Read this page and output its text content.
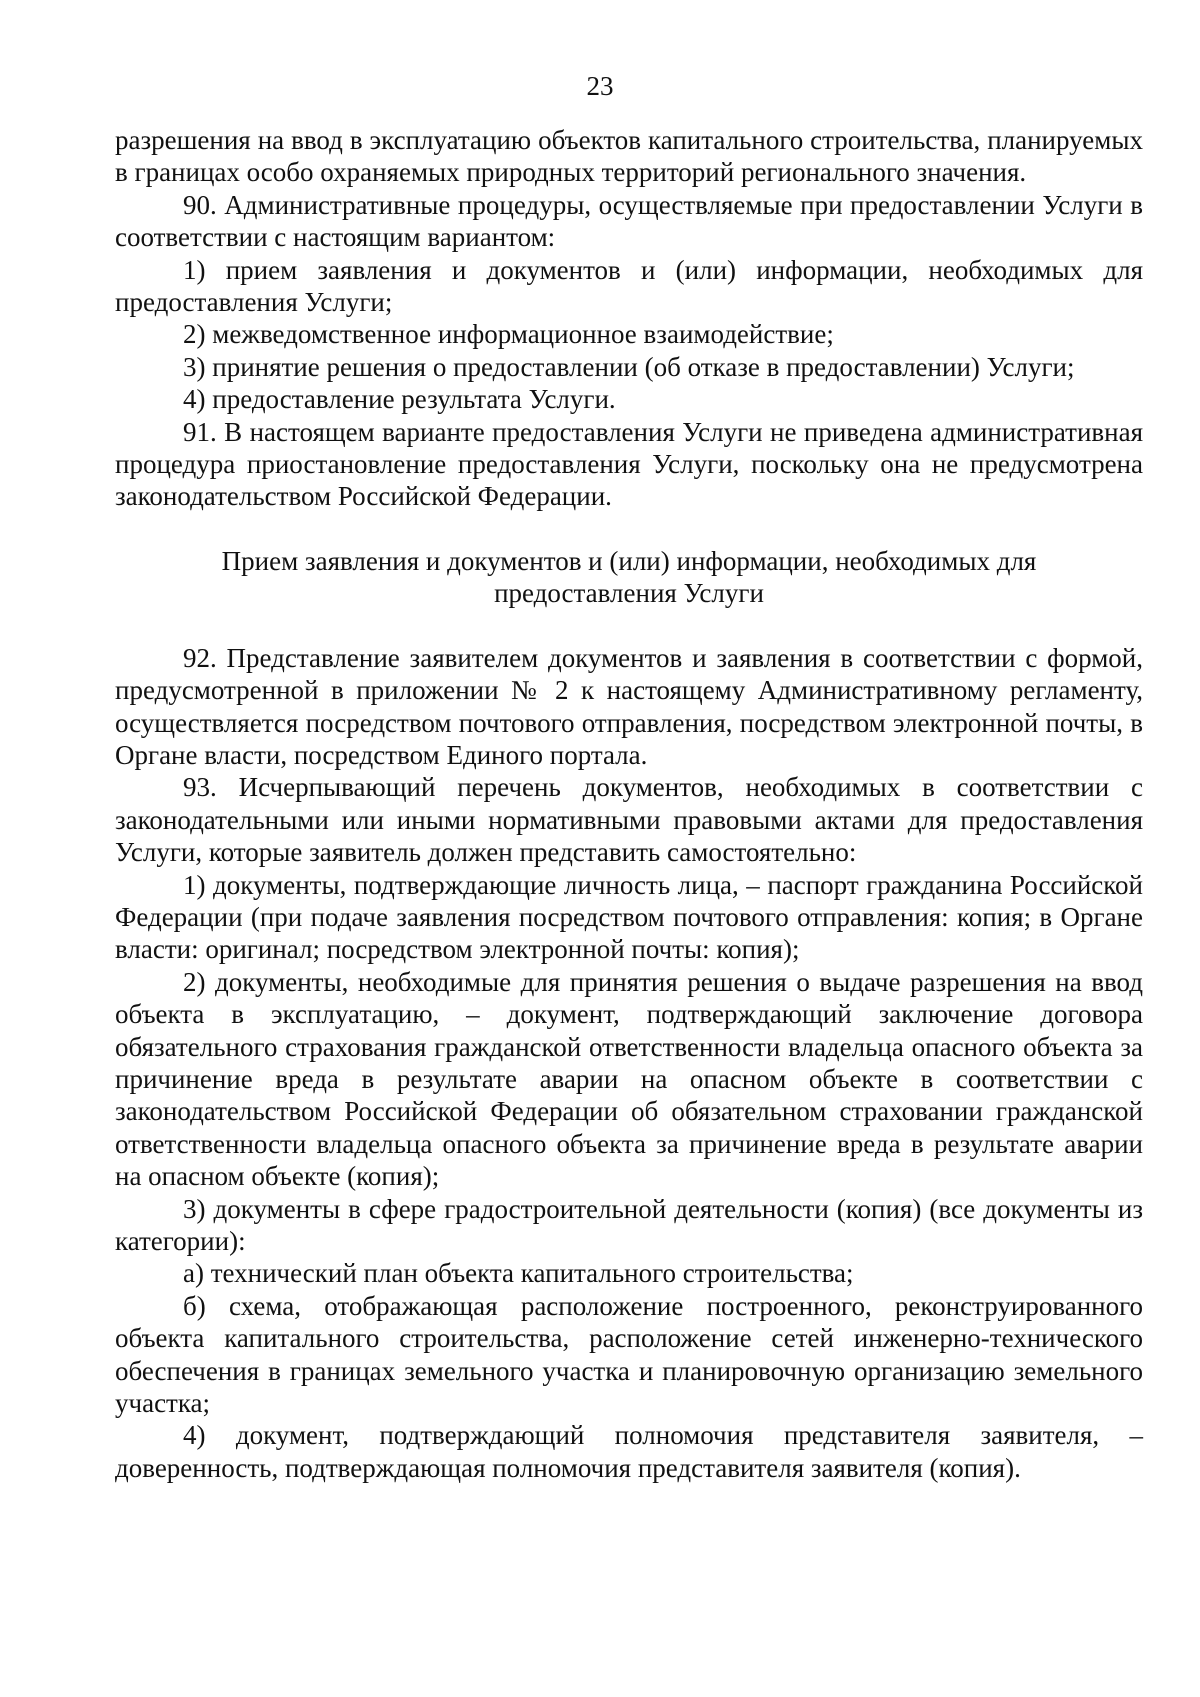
23

разрешения на ввод в эксплуатацию объектов капитального строительства, планируемых в границах особо охраняемых природных территорий регионального значения.

90. Административные процедуры, осуществляемые при предоставлении Услуги в соответствии с настоящим вариантом:

1) прием заявления и документов и (или) информации, необходимых для предоставления Услуги;

2) межведомственное информационное взаимодействие;

3) принятие решения о предоставлении (об отказе в предоставлении) Услуги;

4) предоставление результата Услуги.

91. В настоящем варианте предоставления Услуги не приведена административная процедура приостановление предоставления Услуги, поскольку она не предусмотрена законодательством Российской Федерации.

Прием заявления и документов и (или) информации, необходимых для
предоставления Услуги

92. Представление заявителем документов и заявления в соответствии с формой, предусмотренной в приложении № 2 к настоящему Административному регламенту, осуществляется посредством почтового отправления, посредством электронной почты, в Органе власти, посредством Единого портала.

93. Исчерпывающий перечень документов, необходимых в соответствии с законодательными или иными нормативными правовыми актами для предоставления Услуги, которые заявитель должен представить самостоятельно:

1) документы, подтверждающие личность лица, – паспорт гражданина Российской Федерации (при подаче заявления посредством почтового отправления: копия; в Органе власти: оригинал; посредством электронной почты: копия);

2) документы, необходимые для принятия решения о выдаче разрешения на ввод объекта в эксплуатацию, – документ, подтверждающий заключение договора обязательного страхования гражданской ответственности владельца опасного объекта за причинение вреда в результате аварии на опасном объекте в соответствии с законодательством Российской Федерации об обязательном страховании гражданской ответственности владельца опасного объекта за причинение вреда в результате аварии на опасном объекте (копия);

3) документы в сфере градостроительной деятельности (копия) (все документы из категории):

а) технический план объекта капитального строительства;

б) схема, отображающая расположение построенного, реконструированного объекта капитального строительства, расположение сетей инженерно-технического обеспечения в границах земельного участка и планировочную организацию земельного участка;

4) документ, подтверждающий полномочия представителя заявителя, – доверенность, подтверждающая полномочия представителя заявителя (копия).
